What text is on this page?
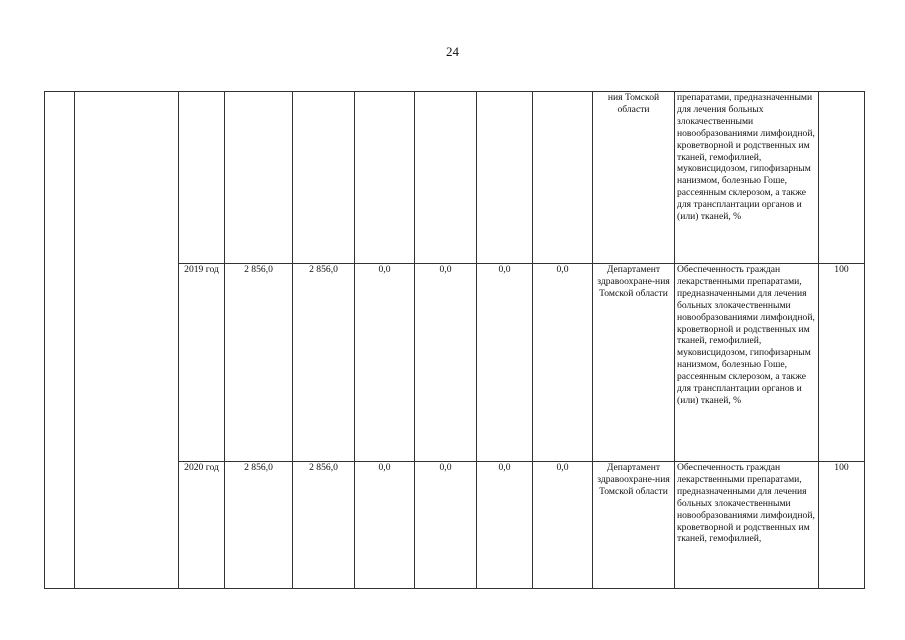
24
									ния Томской области	препаратами, предназначенными для лечения больных злокачественными новообразованиями лимфоидной, кроветворной и родственных им тканей, гемофилией, муковисцидозом, гипофизарным нанизмом, болезнью Гоше, рассеянным склерозом, а также для трансплантации органов и (или) тканей, %	
		2019 год	2 856,0	2 856,0	0,0	0,0	0,0	0,0	Департамент здравоохране-ния Томской области	Обеспеченность граждан лекарственными препаратами, предназначенными для лечения больных злокачественными новообразованиями лимфоидной, кроветворной и родственных им тканей, гемофилией, муковисцидозом, гипофизарным нанизмом, болезнью Гоше, рассеянным склерозом, а также для трансплантации органов и (или) тканей, %	100
		2020 год	2 856,0	2 856,0	0,0	0,0	0,0	0,0	Департамент здравоохране-ния Томской области	Обеспеченность граждан лекарственными препаратами, предназначенными для лечения больных злокачественными новообразованиями лимфоидной, кроветворной и родственных им тканей, гемофилией,	100
